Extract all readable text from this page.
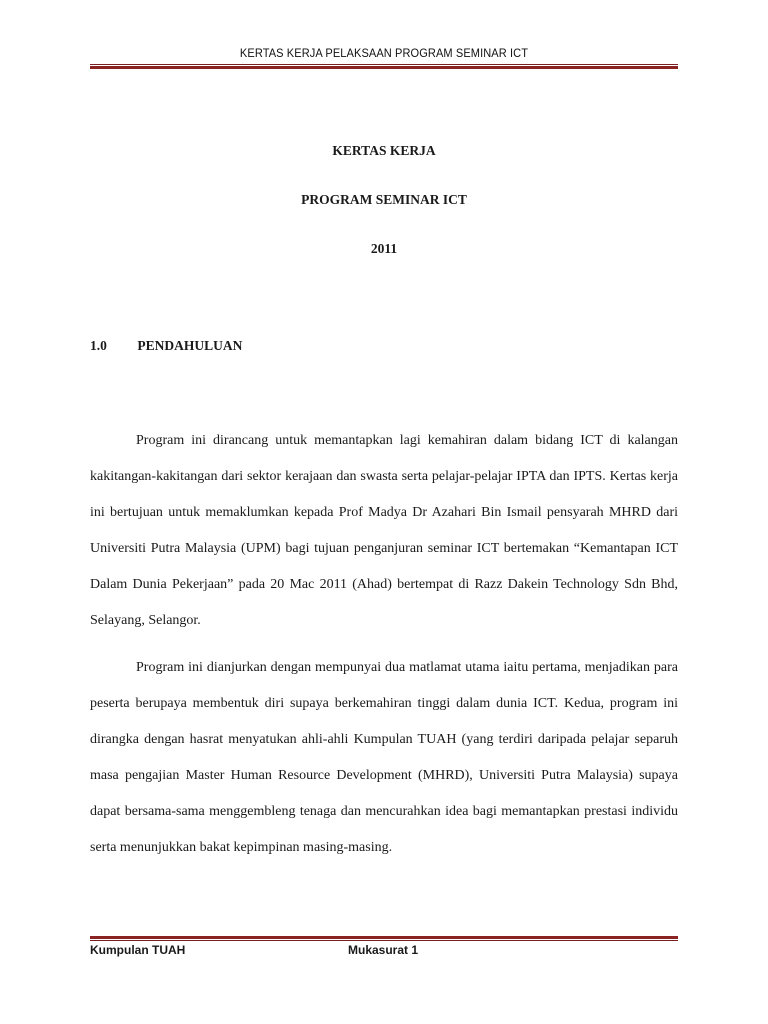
KERTAS KERJA PELAKSAAN PROGRAM SEMINAR ICT
KERTAS KERJA
PROGRAM SEMINAR ICT
2011
1.0 PENDAHULUAN

Program ini dirancang untuk memantapkan lagi kemahiran dalam bidang ICT di kalangan kakitangan-kakitangan dari sektor kerajaan dan swasta serta pelajar-pelajar IPTA dan IPTS. Kertas kerja ini bertujuan untuk memaklumkan kepada Prof Madya Dr Azahari Bin Ismail pensyarah MHRD dari Universiti Putra Malaysia (UPM) bagi tujuan penganjuran seminar ICT bertemakan “Kemantapan ICT Dalam Dunia Pekerjaan” pada 20 Mac 2011 (Ahad) bertempat di Razz Dakein Technology Sdn Bhd, Selayang, Selangor.

Program ini dianjurkan dengan mempunyai dua matlamat utama iaitu pertama, menjadikan para peserta berupaya membentuk diri supaya berkemahiran tinggi dalam dunia ICT. Kedua, program ini dirangka dengan hasrat menyatukan ahli-ahli Kumpulan TUAH (yang terdiri daripada pelajar separuh masa pengajian Master Human Resource Development (MHRD), Universiti Putra Malaysia) supaya dapat bersama-sama menggembleng tenaga dan mencurahkan idea bagi memantapkan prestasi individu serta menunjukkan bakat kepimpinan masing-masing.

Kumpulan TUAH	Mukasurat 1
